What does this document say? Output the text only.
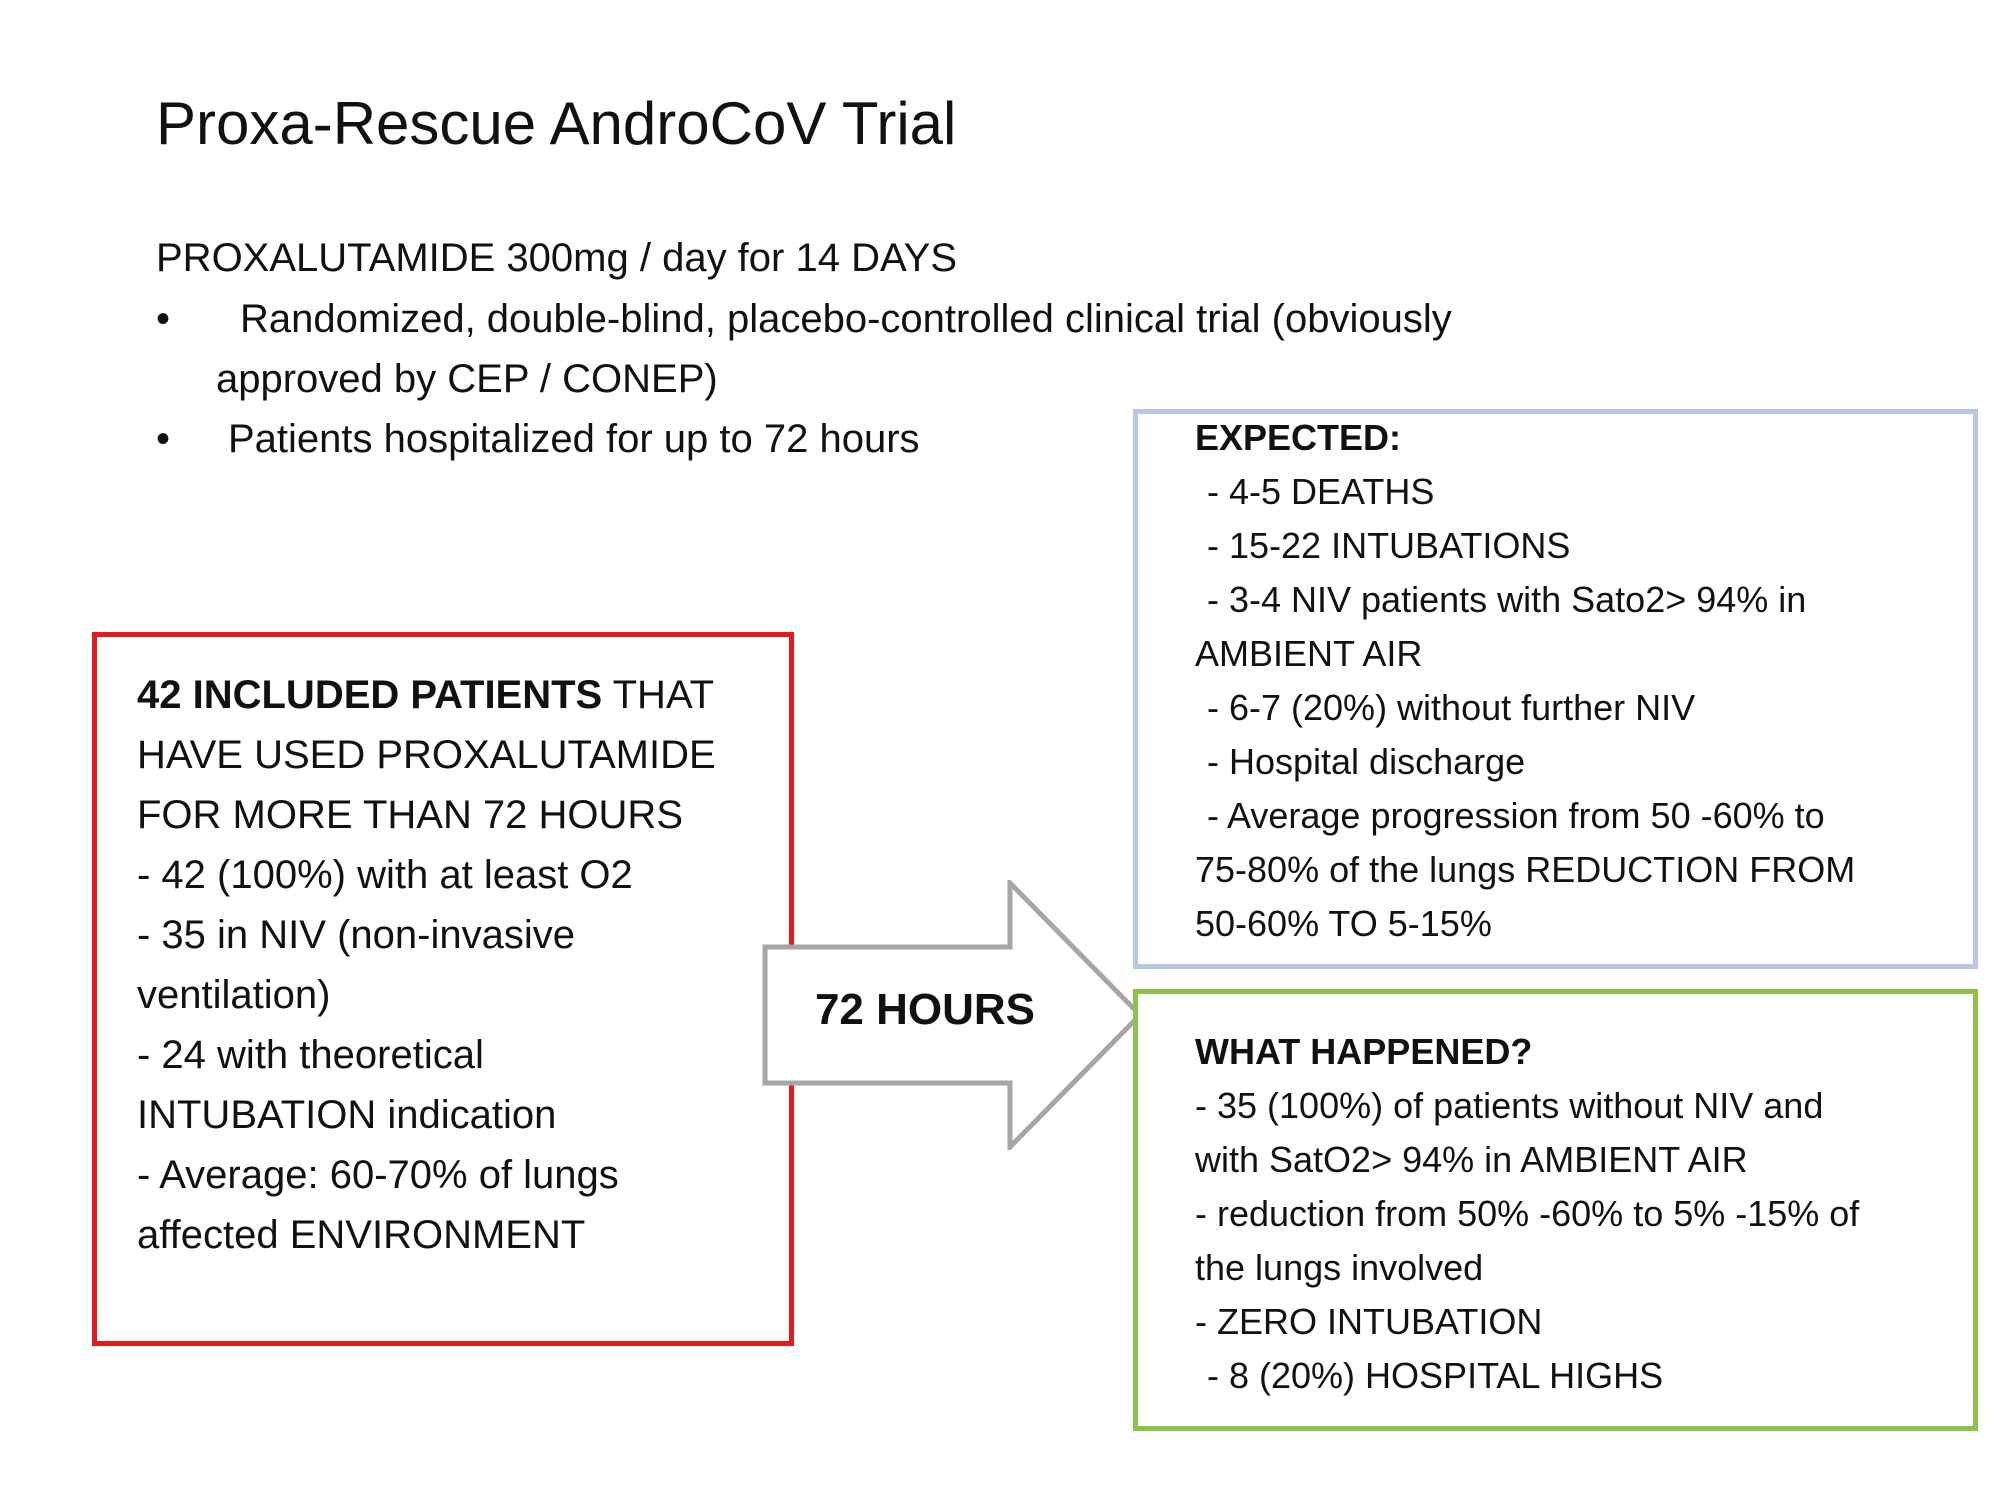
Proxa-Rescue AndroCoV Trial
PROXALUTAMIDE 300mg / day for 14 DAYS
• Randomized, double-blind, placebo-controlled clinical trial (obviously
approved by CEP / CONEP)
• Patients hospitalized for up to 72 hours	EXPECTED:
- 4-5 DEATHS
- 15-22 INTUBATIONS
- 3-4 NIV patients with Sato2> 94% in
AMBIENT AIR
- 6-7 (20%) without further NIV
- Hospital discharge
- Average progression from 50 -60% to
75-80% of the lungs REDUCTION FROM
50-60% TO 5-15%
42 INCLUDED PATIENTS THAT
HAVE USED PROXALUTAMIDE
FOR MORE THAN 72 HOURS
- 42 (100%) with at least O2
- 35 in NIV (non-invasive
ventilation)
- 24 with theoretical
INTUBATION indication
- Average: 60-70% of lungs
affected ENVIRONMENT
72 HOURS
WHAT HAPPENED?
- 35 (100%) of patients without NIV and
with SatO2> 94% in AMBIENT AIR
- reduction from 50% -60% to 5% -15% of
the lungs involved
- ZERO INTUBATION
- 8 (20%) HOSPITAL HIGHS
